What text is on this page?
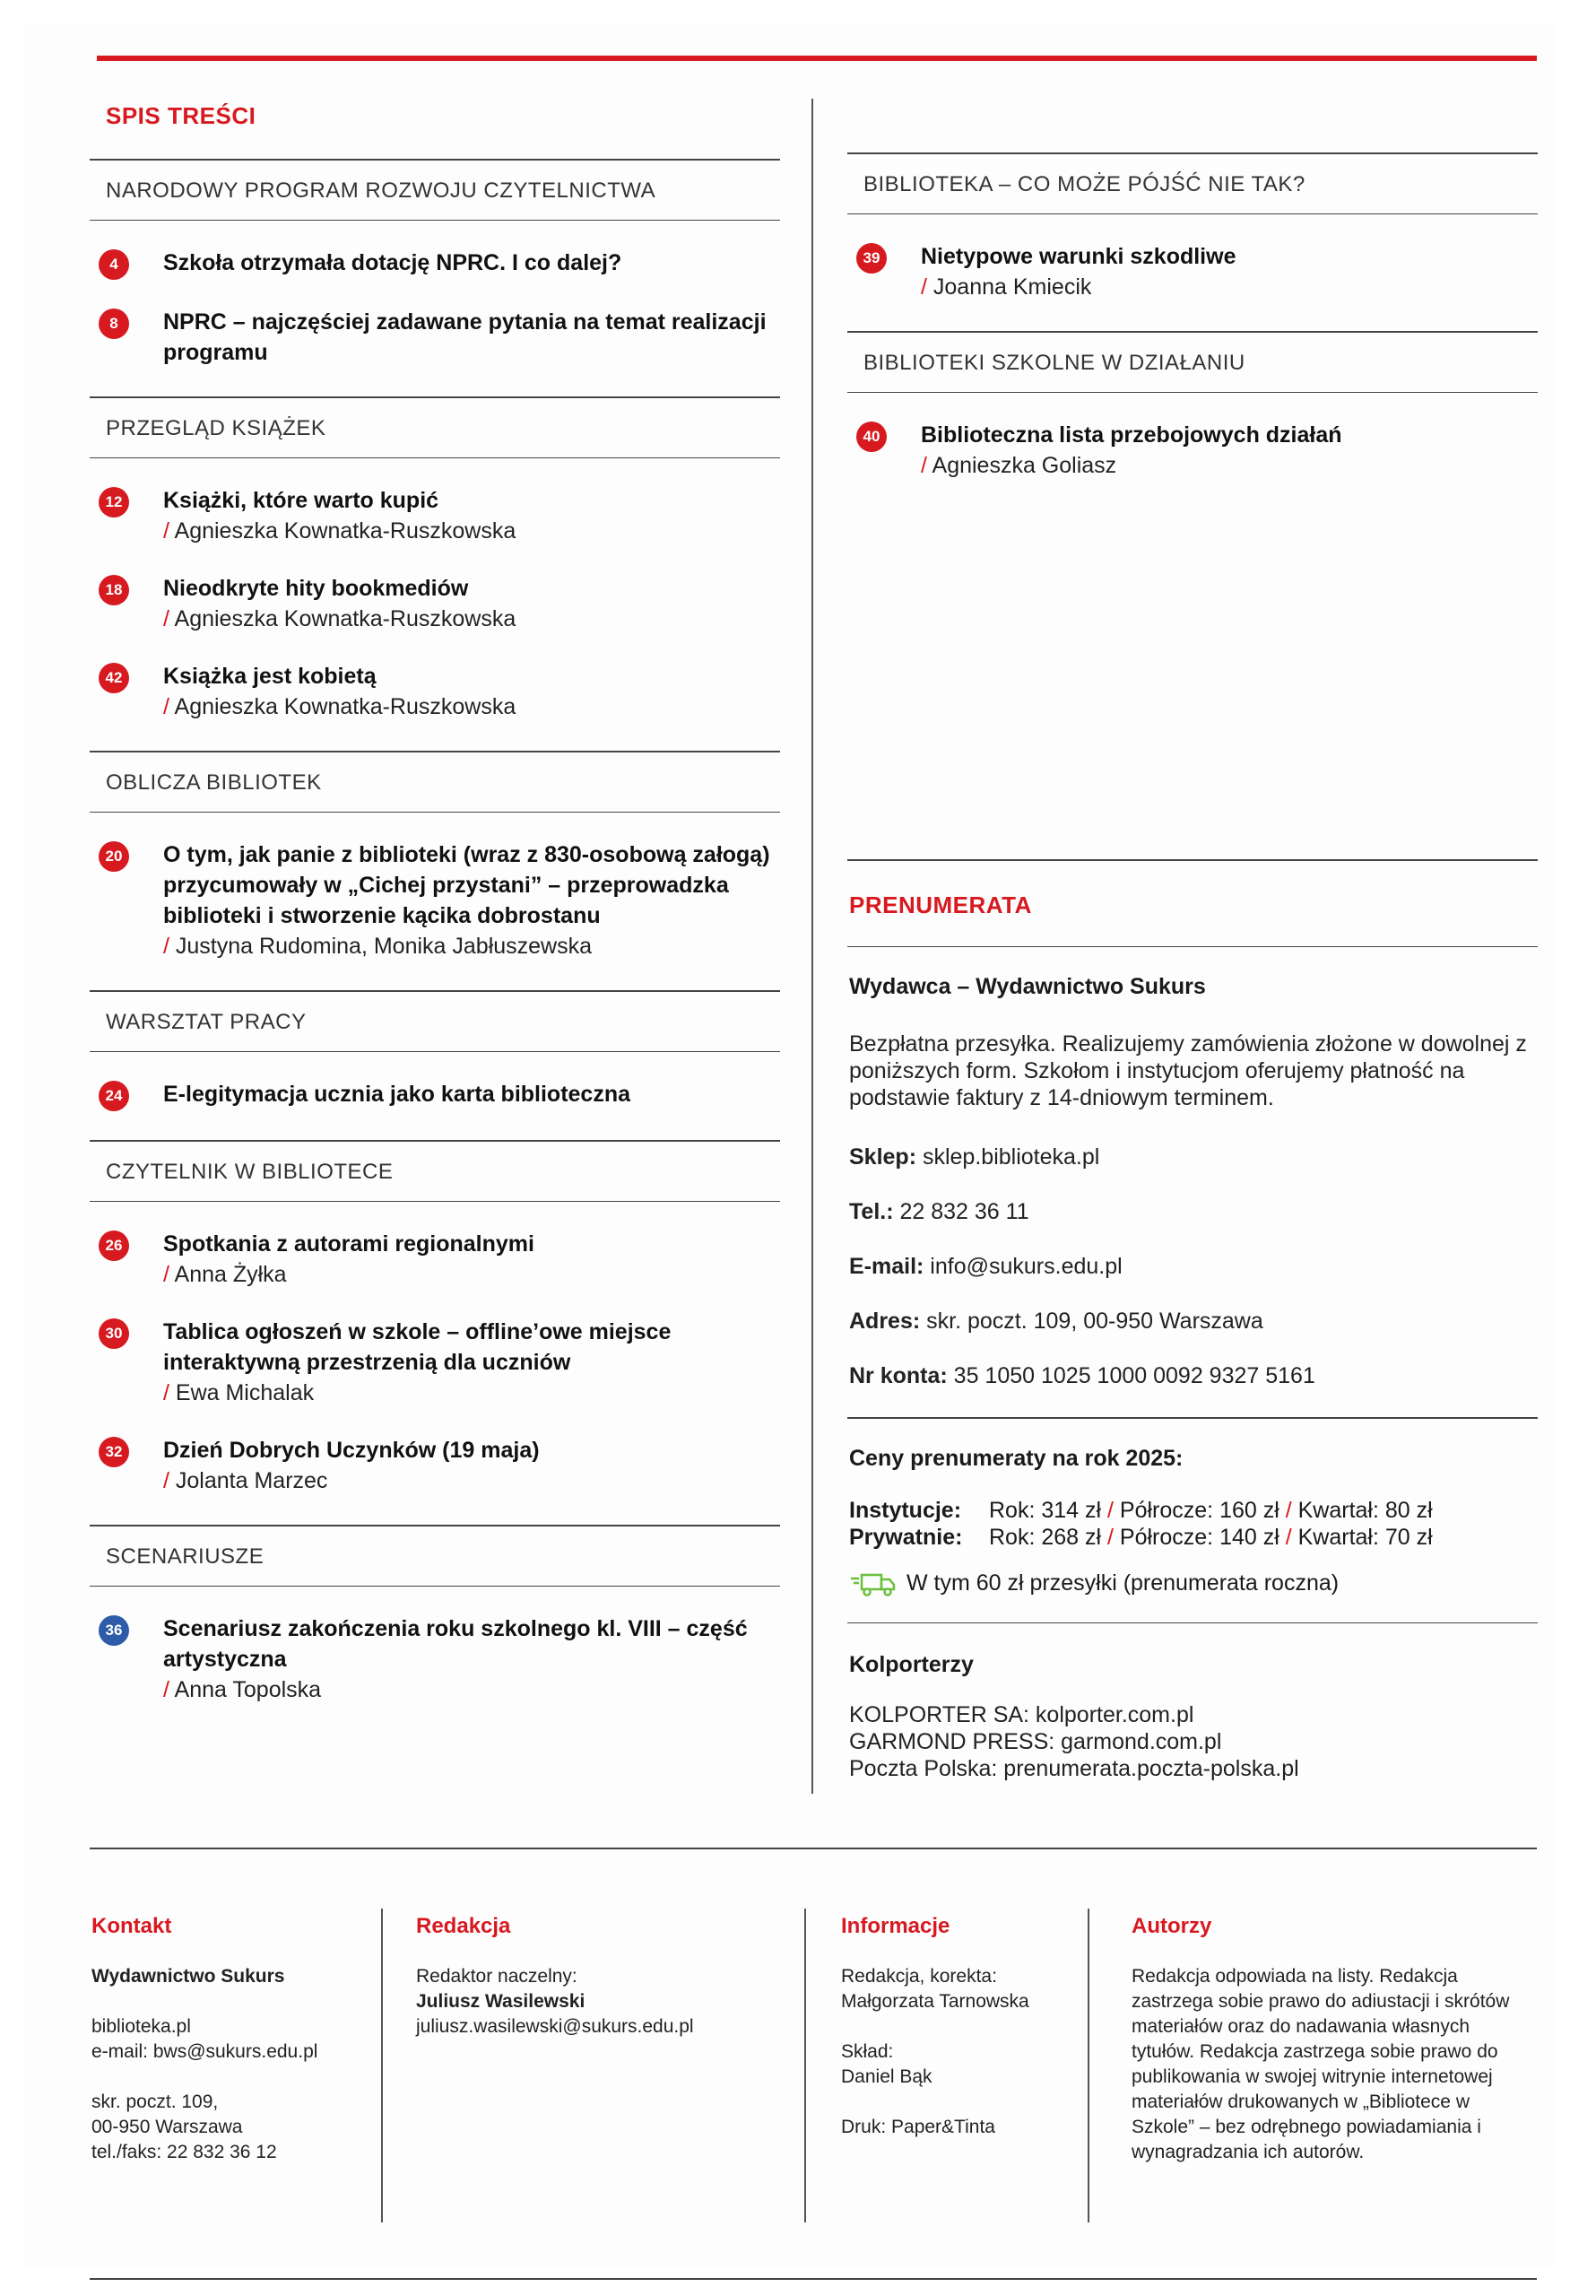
SPIS TREŚCI
NARODOWY PROGRAM ROZWOJU CZYTELNICTWA
4	Szkoła otrzymała dotację NPRC. I co dalej?
8	NPRC – najczęściej zadawane pytania na temat realizacji programu
PRZEGLĄD KSIĄŻEK
12	Książki, które warto kupić
/ Agnieszka Kownatka-Ruszkowska
18	Nieodkryte hity bookmediów
/ Agnieszka Kownatka-Ruszkowska
42	Książka jest kobietą
/ Agnieszka Kownatka-Ruszkowska
OBLICZA BIBLIOTEK
20	O tym, jak panie z biblioteki (wraz z 830-osobową załogą) przycumowały w „Cichej przystani” – przeprowadzka biblioteki i stworzenie kącika dobrostanu
/ Justyna Rudomina, Monika Jabłuszewska
WARSZTAT PRACY
24	E-legitymacja ucznia jako karta biblioteczna
CZYTELNIK W BIBLIOTECE
26	Spotkania z autorami regionalnymi
/ Anna Żyłka
30	Tablica ogłoszeń w szkole – offline’owe miejsce interaktywną przestrzenią dla uczniów
/ Ewa Michalak
32	Dzień Dobrych Uczynków (19 maja)
/ Jolanta Marzec
SCENARIUSZE
36	Scenariusz zakończenia roku szkolnego kl. VIII – część artystyczna
/ Anna Topolska
BIBLIOTEKA – CO MOŻE PÓJŚĆ NIE TAK?
39	Nietypowe warunki szkodliwe
/ Joanna Kmiecik
BIBLIOTEKI SZKOLNE W DZIAŁANIU
40	Biblioteczna lista przebojowych działań
/ Agnieszka Goliasz
PRENUMERATA
Wydawca – Wydawnictwo Sukurs

Bezpłatna przesyłka. Realizujemy zamówienia złożone w dowolnej z poniższych form. Szkołom i instytucjom oferujemy płatność na podstawie faktury z 14-dniowym terminem.

Sklep: sklep.biblioteka.pl

Tel.: 22 832 36 11

E-mail: info@sukurs.edu.pl

Adres: skr. poczt. 109, 00-950 Warszawa

Nr konta: 35 1050 1025 1000 0092 9327 5161

Ceny prenumeraty na rok 2025:
Instytucje:	Rok: 314 zł / Półrocze: 160 zł / Kwartał: 80 zł
Prywatnie:	Rok: 268 zł / Półrocze: 140 zł / Kwartał: 70 zł
W tym 60 zł przesyłki (prenumerata roczna)
Kolporterzy

KOLPORTER SA: kolporter.com.pl

GARMOND PRESS: garmond.com.pl

Poczta Polska: prenumerata.poczta-polska.pl

Kontakt

Wydawnictwo Sukurs

biblioteka.pl

e-mail: bws@sukurs.edu.pl

skr. poczt. 109,

00-950 Warszawa

tel./faks: 22 832 36 12

Redakcja

Redaktor naczelny:

Juliusz Wasilewski

juliusz.wasilewski@sukurs.edu.pl

Informacje

Redakcja, korekta:

Małgorzata Tarnowska

Skład:

Daniel Bąk

Druk: Paper&Tinta

Autorzy

Redakcja odpowiada na listy. Redakcja zastrzega sobie prawo do adiustacji i skrótów materiałów oraz do nadawania własnych tytułów. Redakcja zastrzega sobie prawo do publikowania w swojej witrynie internetowej materiałów drukowanych w „Bibliotece w Szkole” – bez odrębnego powiadamiania i wynagradzania ich autorów.
